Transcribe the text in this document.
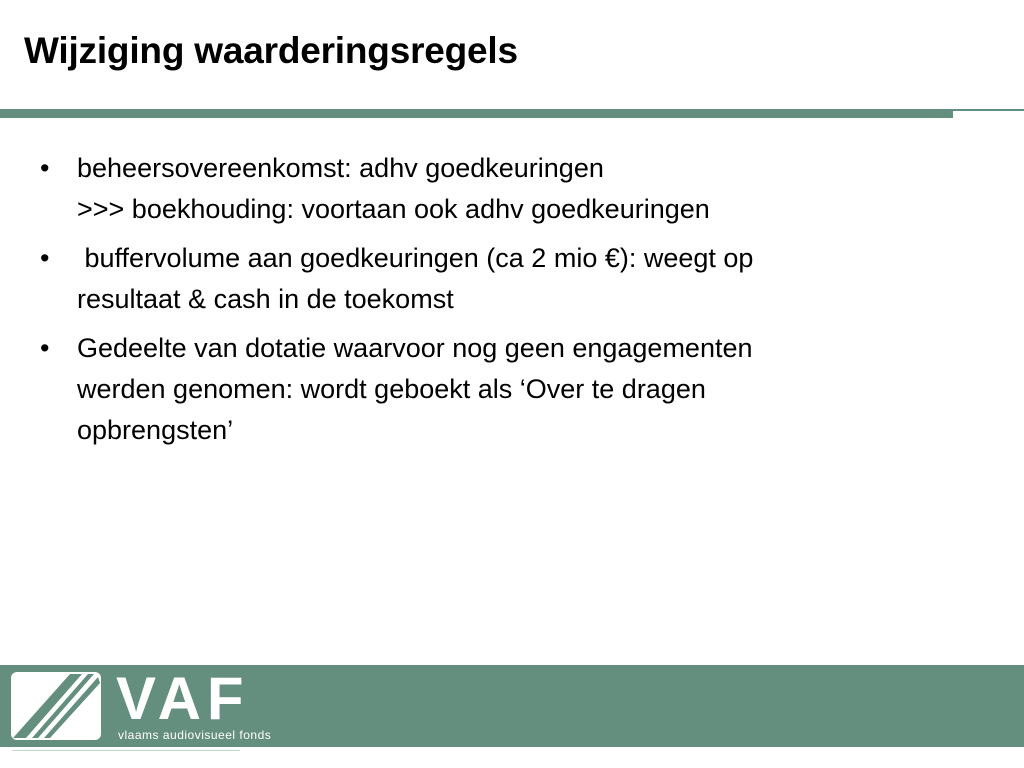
Wijziging waarderingsregels
• beheersovereenkomst: adhv goedkeuringen
>>> boekhouding: voortaan ook adhv goedkeuringen
• buffervolume aan goedkeuringen (ca 2 mio €): weegt op
resultaat & cash in de toekomst
• Gedeelte van dotatie waarvoor nog geen engagementen
werden genomen: wordt geboekt als ‘Over te dragen
opbrengsten’
VAF
vlaams audiovisueel fonds
